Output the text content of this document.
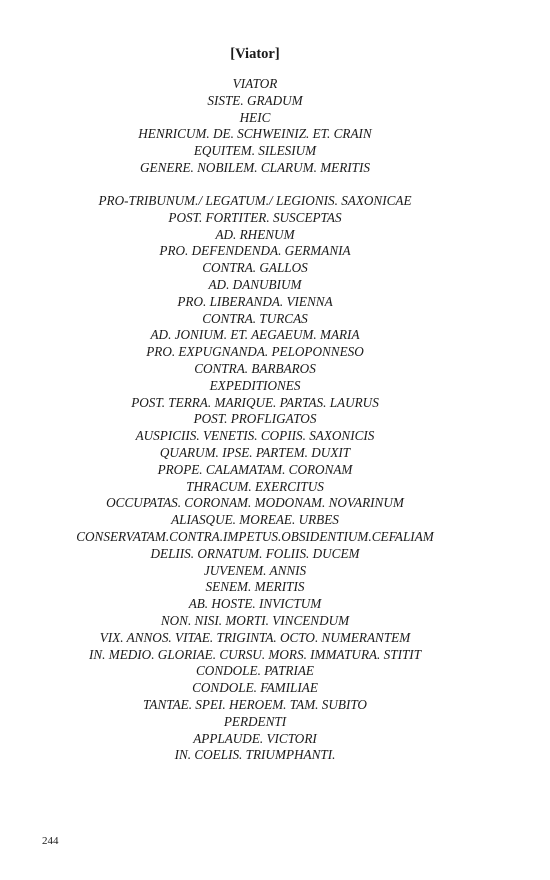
[Viator]
VIATOR
SISTE. GRADUM
HEIC
HENRICUM. DE. SCHWEINIZ. ET. CRAIN
EQUITEM. SILESIUM
GENERE. NOBILEM. CLARUM. MERITIS
PRO-TRIBUNUM./ LEGATUM./ LEGIONIS. SAXONICAE
POST. FORTITER. SUSCEPTAS
AD. RHENUM
PRO. DEFENDENDA. GERMANIA
CONTRA. GALLOS
AD. DANUBIUM
PRO. LIBERANDA. VIENNA
CONTRA. TURCAS
AD. JONIUM. ET. AEGAEUM. MARIA
PRO. EXPUGNANDA. PELOPONNESO
CONTRA. BARBAROS
EXPEDITIONES
POST. TERRA. MARIQUE. PARTAS. LAURUS
POST. PROFLIGATOS
AUSPICIIS. VENETIS. COPIIS. SAXONICIS
QUARUM. IPSE. PARTEM. DUXIT
PROPE. CALAMATAM. CORONAM
THRACUM. EXERCITUS
OCCUPATAS. CORONAM. MODONAM. NOVARINUM
ALIASQUE. MOREAE. URBES
CONSERVATAM.CONTRA.IMPETUS.OBSIDENTIUM.CEFALIAM
DELIIS. ORNATUM. FOLIIS. DUCEM
JUVENEM. ANNIS
SENEM. MERITIS
AB. HOSTE. INVICTUM
NON. NISI. MORTI. VINCENDUM
VIX. ANNOS. VITAE. TRIGINTA. OCTO. NUMERANTEM
IN. MEDIO. GLORIAE. CURSU. MORS. IMMATURA. STITIT
CONDOLE. PATRIAE
CONDOLE. FAMILIAE
TANTAE. SPEI. HEROEM. TAM. SUBITO
PERDENTI
APPLAUDE. VICTORI
IN. COELIS. TRIUMPHANTI.
244
